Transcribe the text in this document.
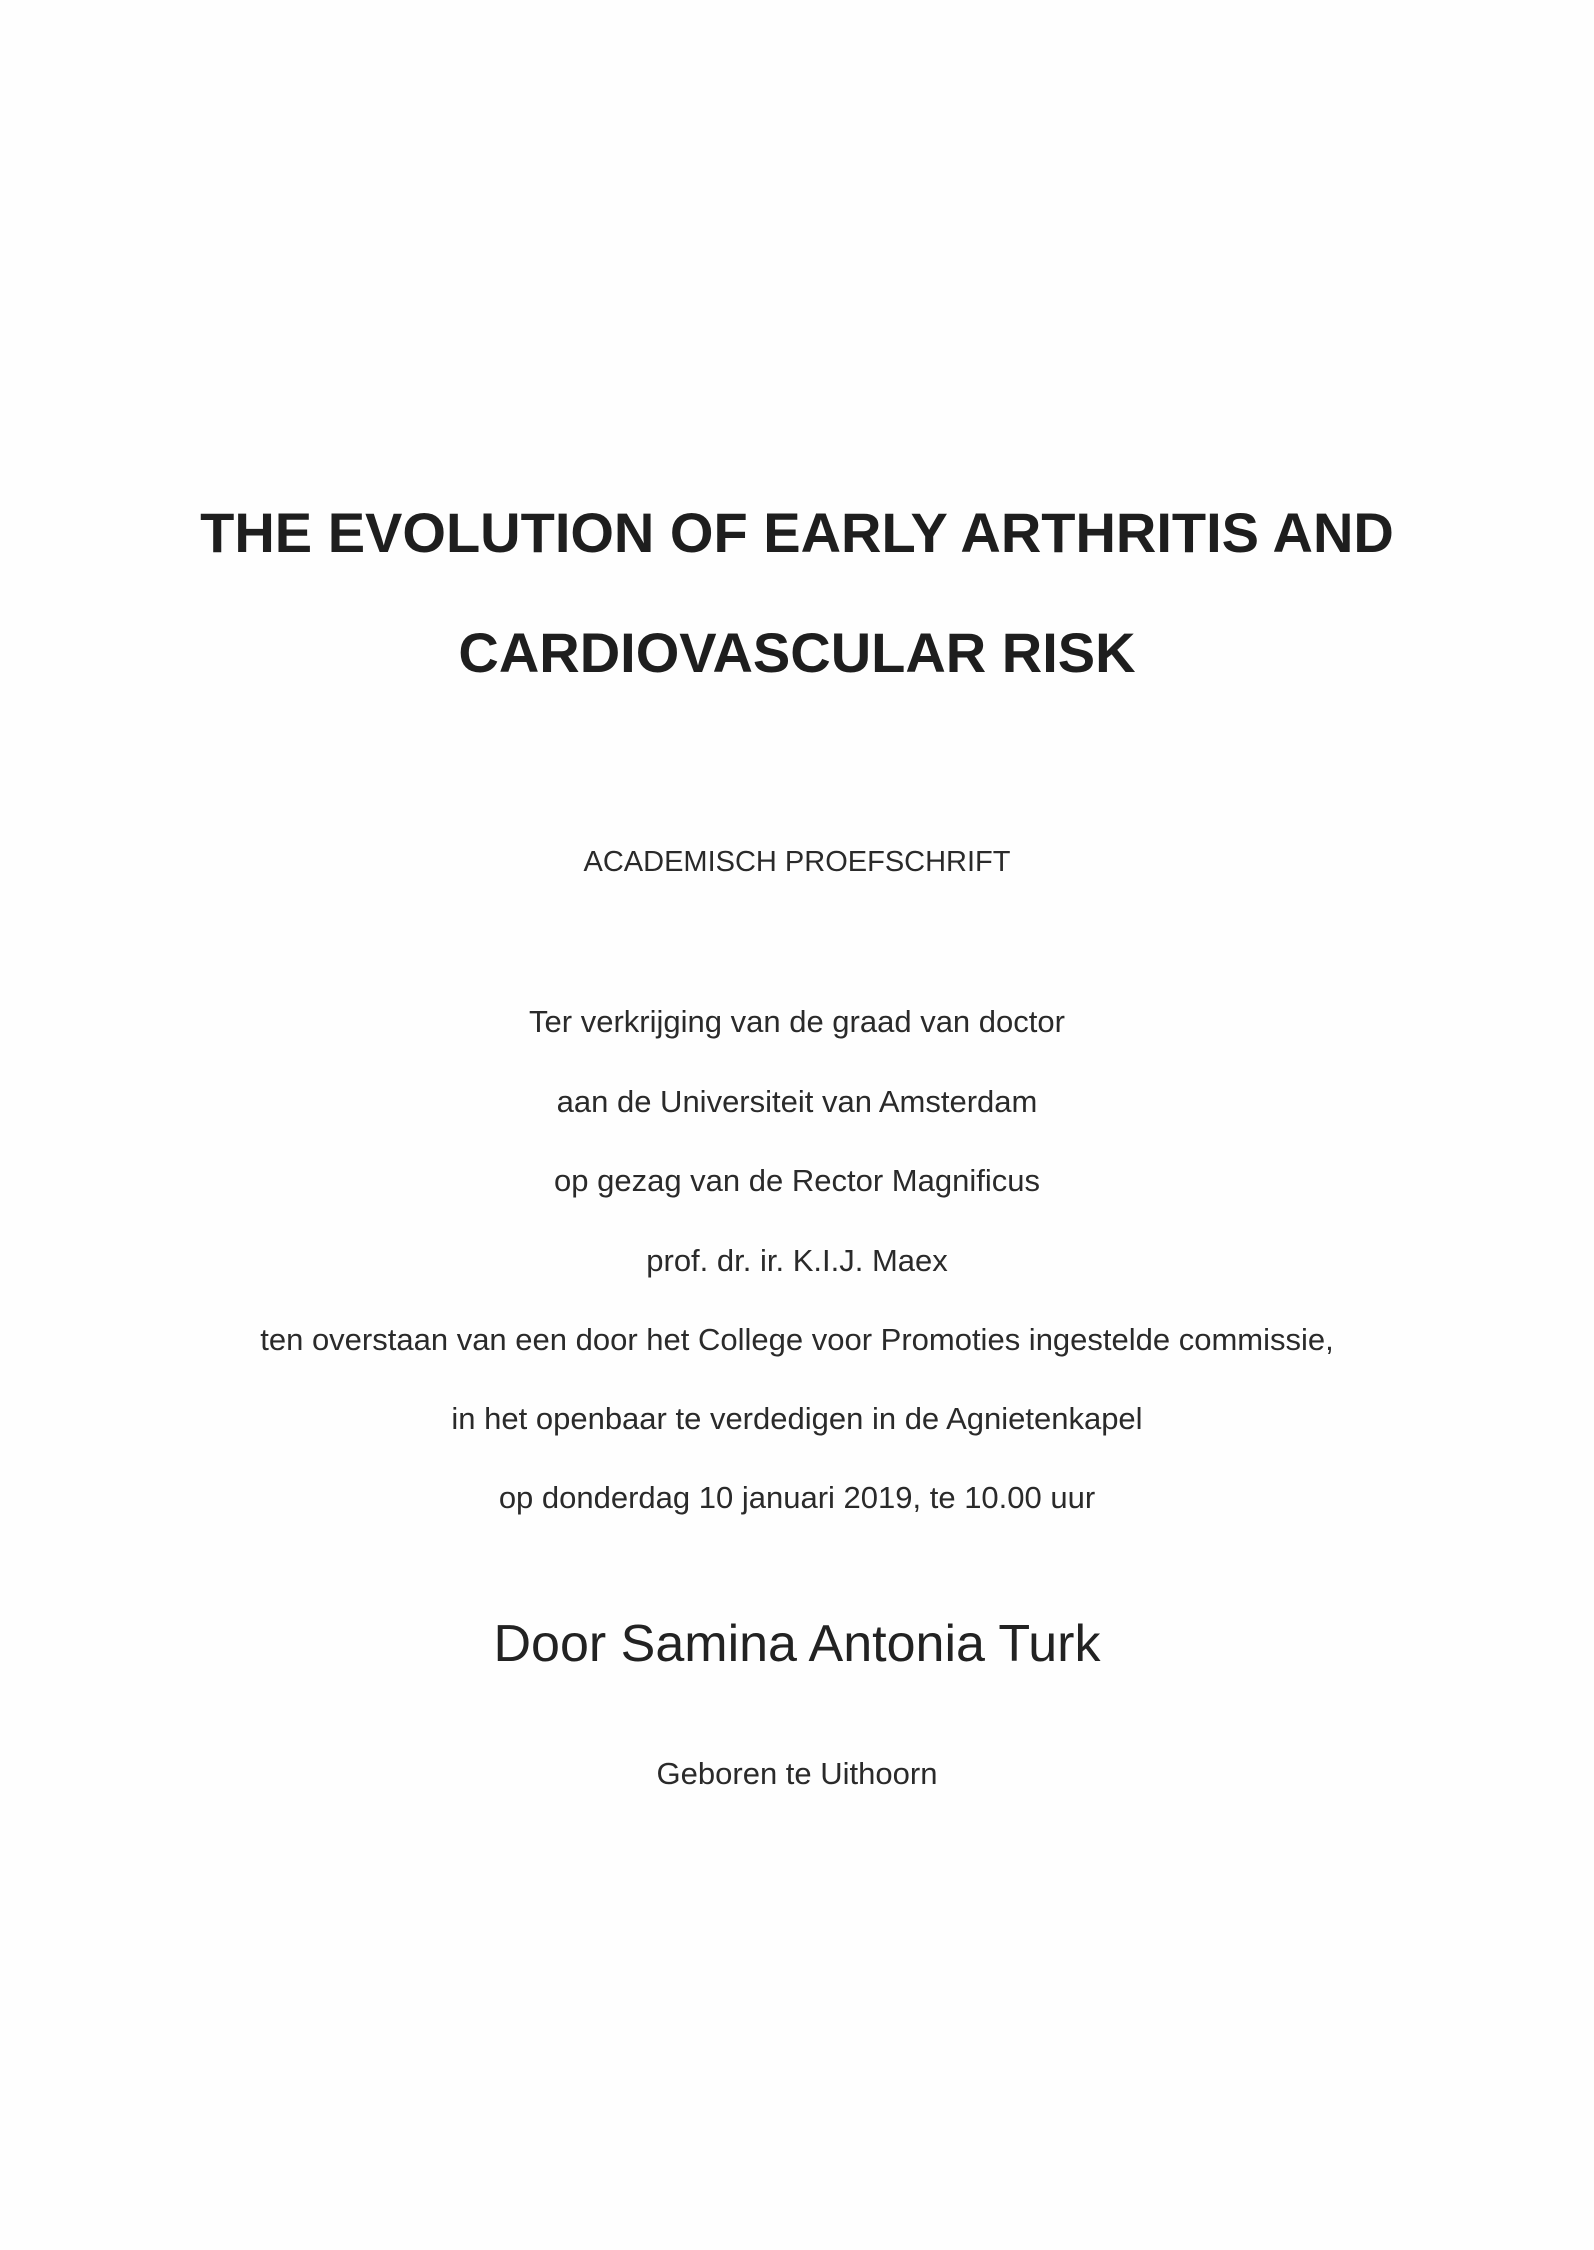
THE EVOLUTION OF EARLY ARTHRITIS AND
CARDIOVASCULAR RISK
ACADEMISCH PROEFSCHRIFT
Ter verkrijging van de graad van doctor
aan de Universiteit van Amsterdam
op gezag van de Rector Magnificus
prof. dr. ir. K.I.J. Maex
ten overstaan van een door het College voor Promoties ingestelde commissie,
in het openbaar te verdedigen in de Agnietenkapel
op donderdag 10 januari 2019, te 10.00 uur
Door Samina Antonia Turk
Geboren te Uithoorn
